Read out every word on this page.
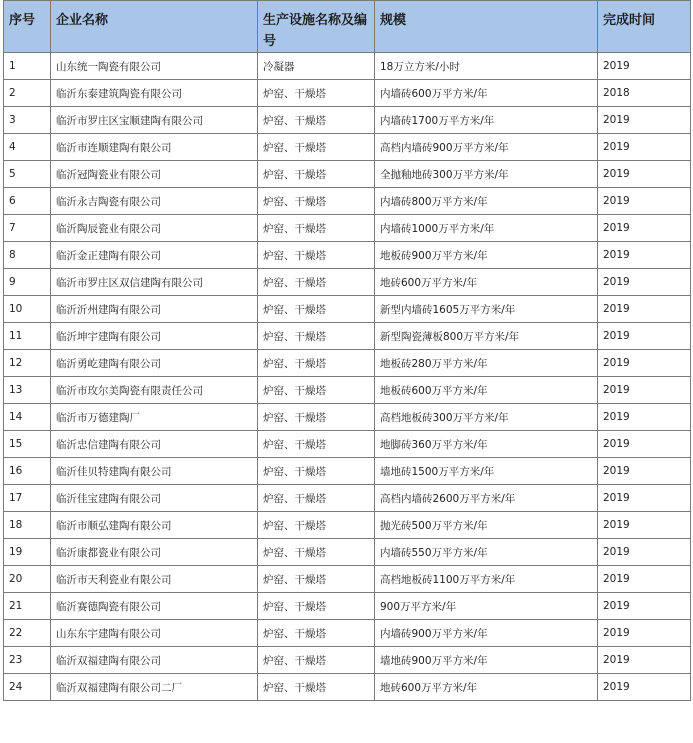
序号	企业名称	生产设施名称及编号	规模	完成时间
1	山东统一陶瓷有限公司	冷凝器	18万立方米/小时	2019
2	临沂东泰建筑陶瓷有限公司	炉窑、干燥塔	内墙砖600万平方米/年	2018
3	临沂市罗庄区宝顺建陶有限公司	炉窑、干燥塔	内墙砖1700万平方米/年	2019
4	临沂市连顺建陶有限公司	炉窑、干燥塔	高档内墙砖900万平方米/年	2019
5	临沂冠陶瓷业有限公司	炉窑、干燥塔	全抛釉地砖300万平方米/年	2019
6	临沂永吉陶瓷有限公司	炉窑、干燥塔	内墙砖800万平方米/年	2019
7	临沂陶辰瓷业有限公司	炉窑、干燥塔	内墙砖1000万平方米/年	2019
8	临沂金正建陶有限公司	炉窑、干燥塔	地板砖900万平方米/年	2019
9	临沂市罗庄区双信建陶有限公司	炉窑、干燥塔	地砖600万平方米/年	2019
10	临沂沂州建陶有限公司	炉窑、干燥塔	新型内墙砖1605万平方米/年	2019
11	临沂坤宇建陶有限公司	炉窑、干燥塔	新型陶瓷薄板800万平方米/年	2019
12	临沂勇屹建陶有限公司	炉窑、干燥塔	地板砖280万平方米/年	2019
13	临沂市玫尔美陶瓷有限责任公司	炉窑、干燥塔	地板砖600万平方米/年	2019
14	临沂市万德建陶厂	炉窑、干燥塔	高档地板砖300万平方米/年	2019
15	临沂忠信建陶有限公司	炉窑、干燥塔	地脚砖360万平方米/年	2019
16	临沂佳贝特建陶有限公司	炉窑、干燥塔	墙地砖1500万平方米/年	2019
17	临沂佳宝建陶有限公司	炉窑、干燥塔	高档内墙砖2600万平方米/年	2019
18	临沂市顺弘建陶有限公司	炉窑、干燥塔	抛光砖500万平方米/年	2019
19	临沂康都瓷业有限公司	炉窑、干燥塔	内墙砖550万平方米/年	2019
20	临沂市天利瓷业有限公司	炉窑、干燥塔	高档地板砖1100万平方米/年	2019
21	临沂赛德陶瓷有限公司	炉窑、干燥塔	900万平方米/年	2019
22	山东东宇建陶有限公司	炉窑、干燥塔	内墙砖900万平方米/年	2019
23	临沂双福建陶有限公司	炉窑、干燥塔	墙地砖900万平方米/年	2019
24	临沂双福建陶有限公司二厂	炉窑、干燥塔	地砖600万平方米/年	2019
